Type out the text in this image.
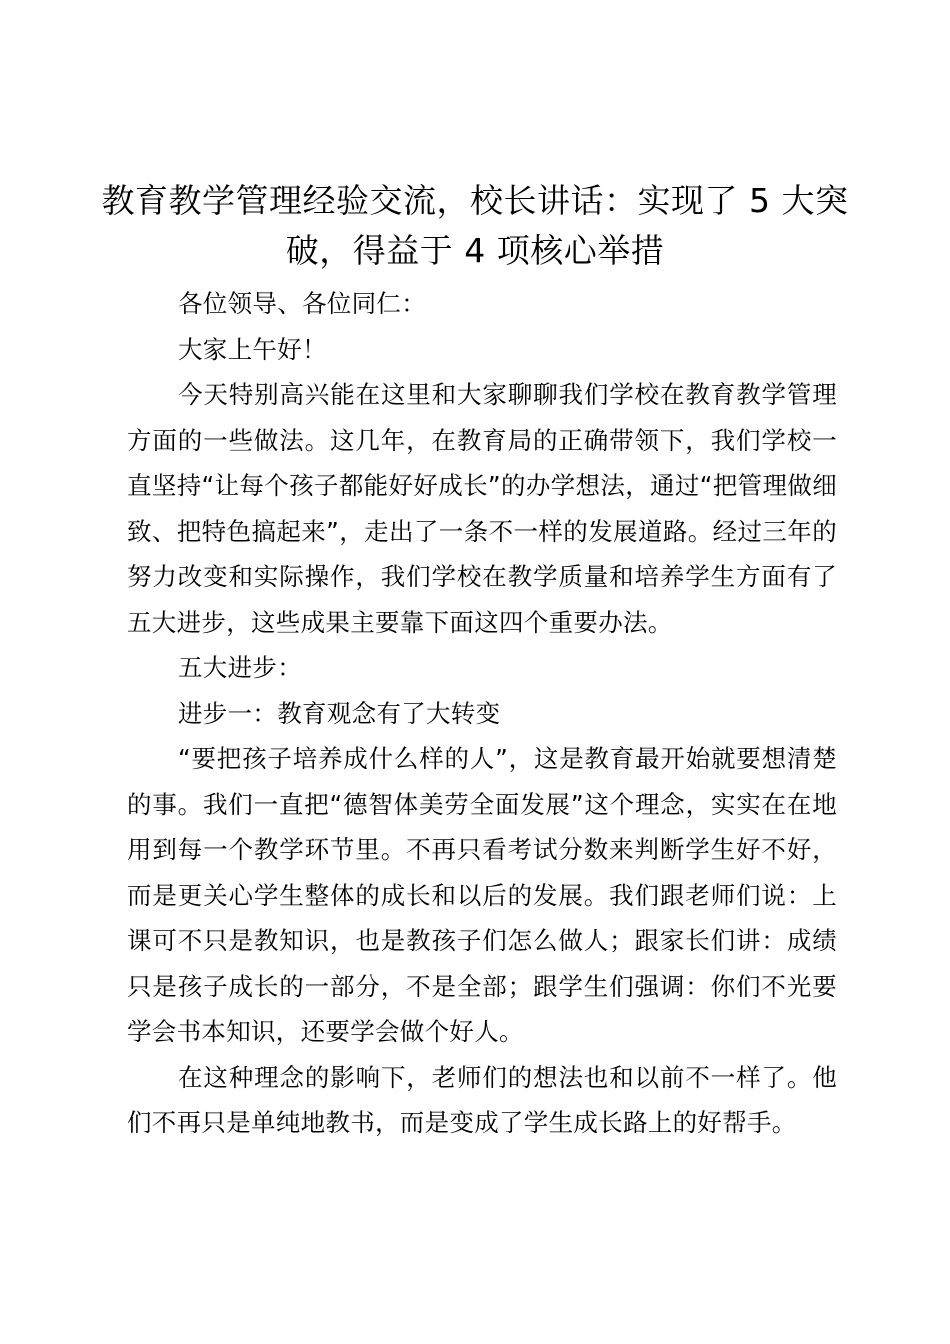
教育教学管理经验交流，校长讲话：实现了 5 大突破，得益于 4 项核心举措

各位领导、各位同仁：

大家上午好！

今天特别高兴能在这里和大家聊聊我们学校在教育教学管理方面的一些做法。这几年，在教育局的正确带领下，我们学校一直坚持“让每个孩子都能好好成长”的办学想法，通过“把管理做细致、把特色搞起来”，走出了一条不一样的发展道路。经过三年的努力改变和实际操作，我们学校在教学质量和培养学生方面有了五大进步，这些成果主要靠下面这四个重要办法。

五大进步：

进步一：教育观念有了大转变

“要把孩子培养成什么样的人”，这是教育最开始就要想清楚的事。我们一直把“德智体美劳全面发展”这个理念，实实在在地用到每一个教学环节里。不再只看考试分数来判断学生好不好，而是更关心学生整体的成长和以后的发展。我们跟老师们说：上课可不只是教知识，也是教孩子们怎么做人；跟家长们讲：成绩只是孩子成长的一部分，不是全部；跟学生们强调：你们不光要学会书本知识，还要学会做个好人。

在这种理念的影响下，老师们的想法也和以前不一样了。他们不再只是单纯地教书，而是变成了学生成长路上的好帮手。
